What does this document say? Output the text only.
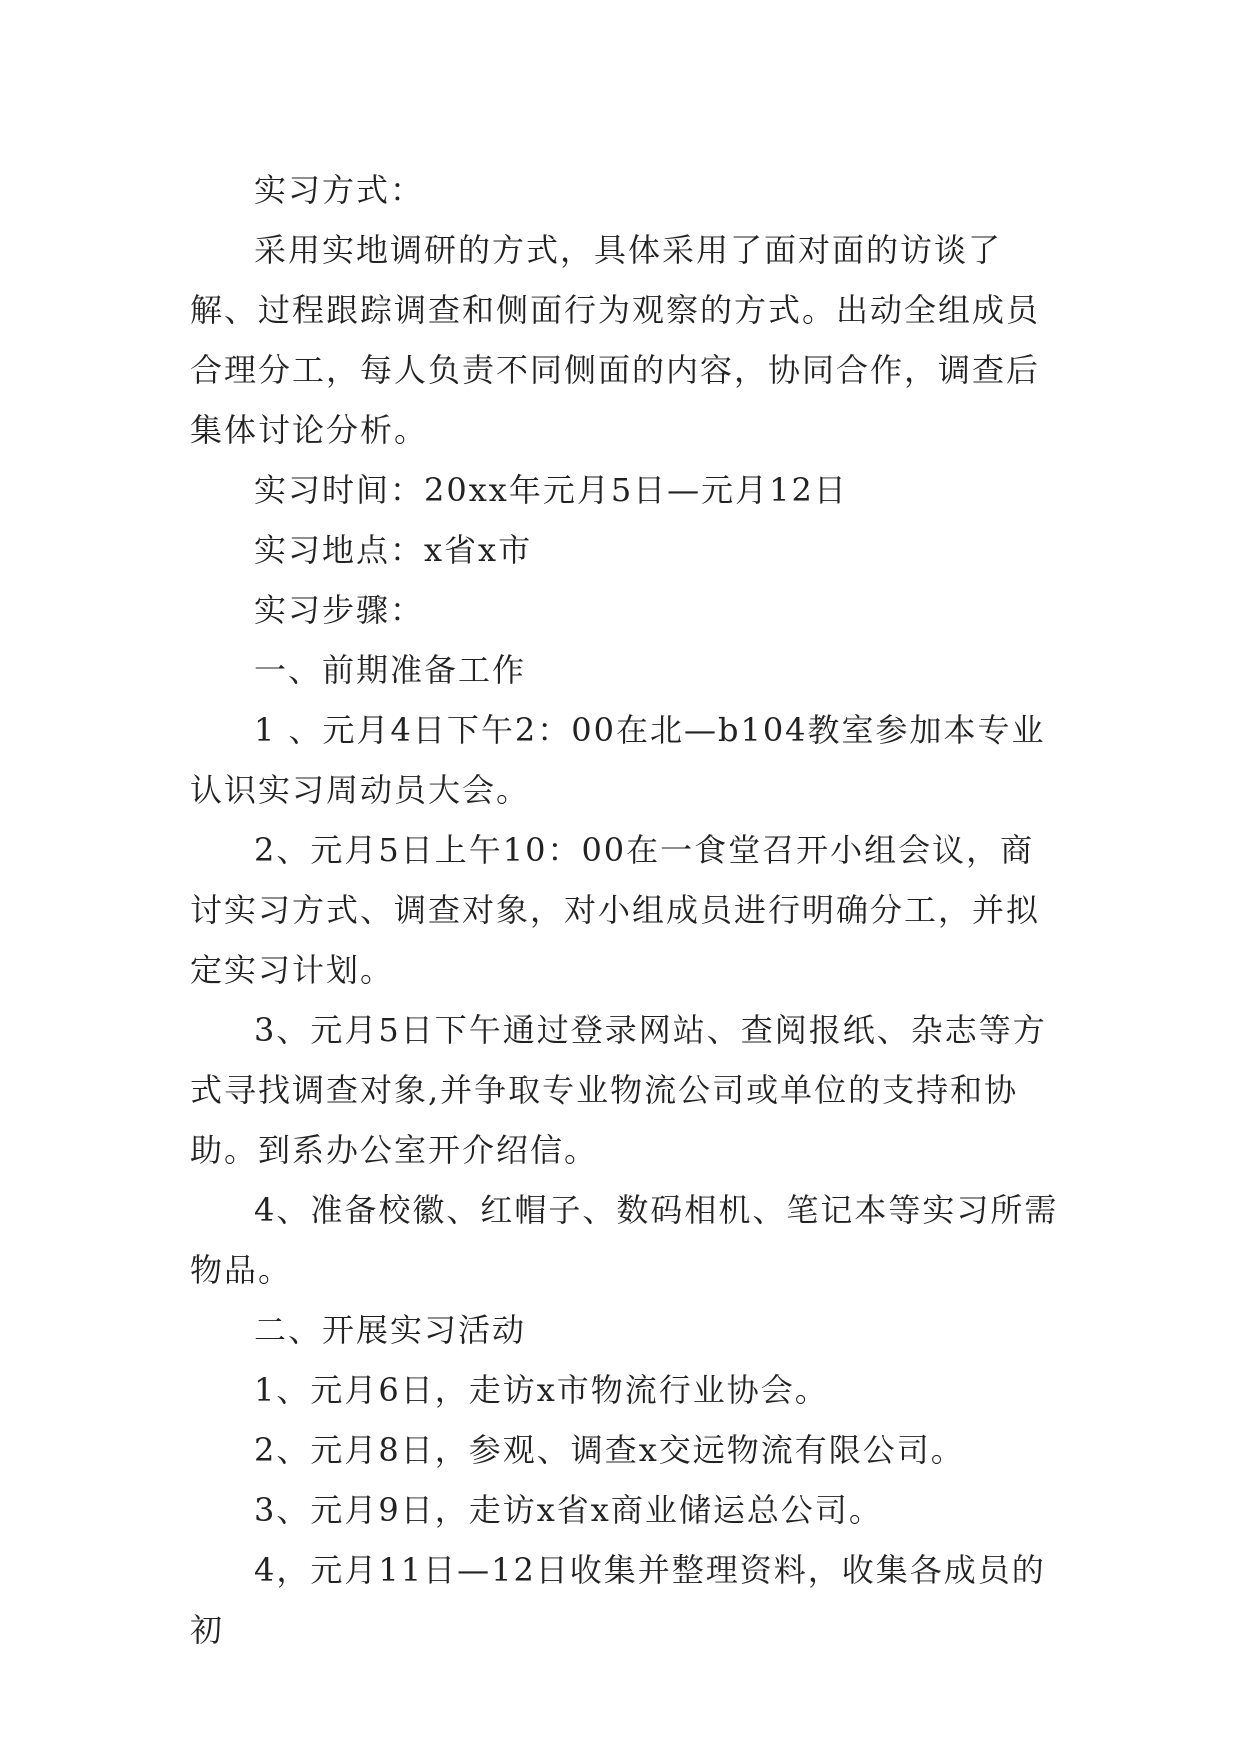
实习方式：

采用实地调研的方式，具体采用了面对面的访谈了解、过程跟踪调查和侧面行为观察的方式。出动全组成员合理分工，每人负责不同侧面的内容，协同合作，调查后集体讨论分析。

实习时间：20xx年元月5日—元月12日

实习地点：x省x市

实习步骤：

一、前期准备工作

1 、元月4日下午2：00在北—b104教室参加本专业认识实习周动员大会。

2、元月5日上午10：00在一食堂召开小组会议，商讨实习方式、调查对象，对小组成员进行明确分工，并拟定实习计划。

3、元月5日下午通过登录网站、查阅报纸、杂志等方式寻找调查对象,并争取专业物流公司或单位的支持和协助。到系办公室开介绍信。

4、准备校徽、红帽子、数码相机、笔记本等实习所需物品。

二、开展实习活动

1、元月6日，走访x市物流行业协会。

2、元月8日，参观、调查x交远物流有限公司。

3、元月9日，走访x省x商业储运总公司。

4，元月11日—12日收集并整理资料，收集各成员的初
